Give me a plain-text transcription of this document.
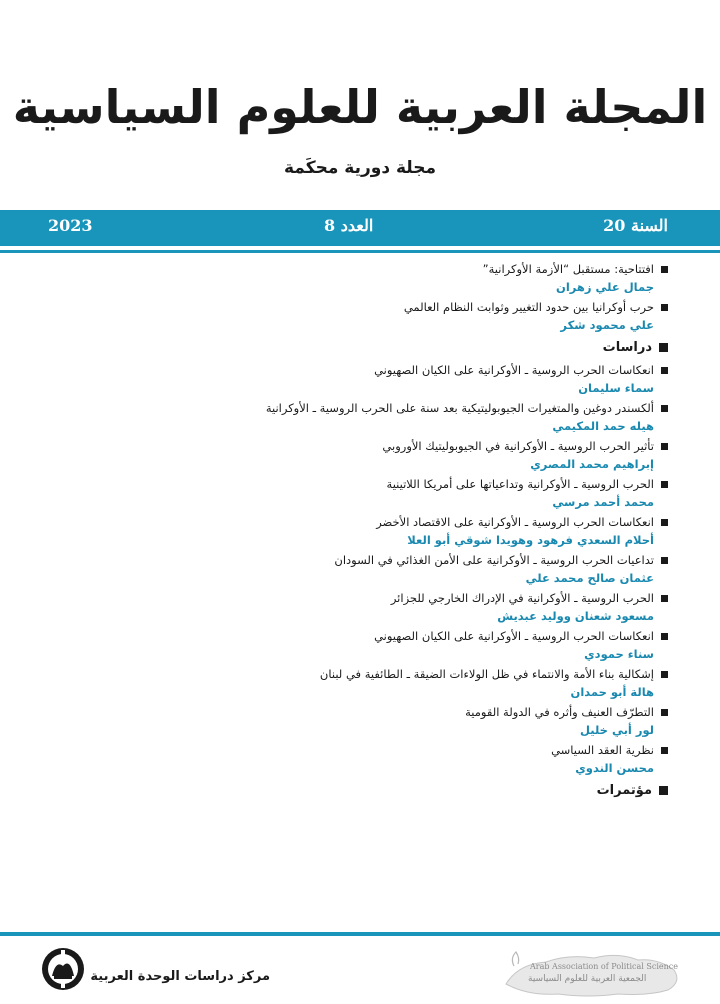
المجلة العربية للعلوم السياسية
مجلة دورية محكَمة
السنة 20
العدد 8
2023
افتتاحية: مستقبل “الأزمة الأوكرانية”
جمال علي زهران
حرب أوكرانيا بين حدود التغيير وثوابت النظام العالمي
علي محمود شكر
دراسات
انعكاسات الحرب الروسية ـ الأوكرانية على الكيان الصهيوني
سماء سليمان
ألكسندر دوغين والمتغيرات الجيوبوليتيكية بعد سنة على الحرب الروسية ـ الأوكرانية
هيله حمد المكيمي
تأثير الحرب الروسية ـ الأوكرانية في الجيوبوليتيك الأوروبي
إبراهيم محمد المصري
الحرب الروسية ـ الأوكرانية وتداعياتها على أمريكا اللاتينية
محمد أحمد مرسي
انعكاسات الحرب الروسية ـ الأوكرانية على الاقتصاد الأخضر
أحلام السعدي فرهود وهويدا شوقي أبو العلا
تداعيات الحرب الروسية ـ الأوكرانية على الأمن الغذائي في السودان
عثمان صالح محمد علي
الحرب الروسية ـ الأوكرانية في الإدراك الخارجي للجزائر
مسعود شعنان ووليد عبديش
انعكاسات الحرب الروسية ـ الأوكرانية على الكيان الصهيوني
سناء حمودي
إشكالية بناء الأمة والانتماء في ظل الولاءات الضيقة ـ الطائفية في لبنان
هالة أبو حمدان
التطرّف العنيف وأثره في الدولة القومية
لور أبي خليل
نظرية العقد السياسي
محسن الندوي
مؤتمرات
مركز دراسات الوحدة العربية
Arab Association of Political Science
الجمعية العربية للعلوم السياسية
